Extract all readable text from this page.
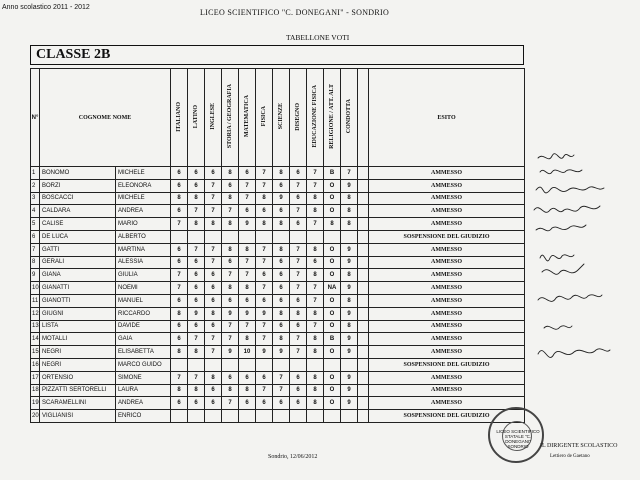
Anno scolastico 2011 - 2012
LICEO SCIENTIFICO "C. DONEGANI" - SONDRIO
TABELLONE VOTI
CLASSE 2B
N°	COGNOME NOME		ITALIANO	LATINO	INGLESE	STORIA / GEOGRAFIA	MATEMATICA	FISICA	SCIENZE	DISEGNO	EDUCAZIONE FISICA	RELIGIONE / ATT. ALT	CONDOTTA		ESITO
1	BONOMO	MICHELE	6	6	6	8	6	7	8	6	7	B	7		AMMESSO
2	BORZI	ELEONORA	6	6	7	6	7	7	6	7	7	O	9		AMMESSO
3	BOSCACCI	MICHELE	8	8	7	8	7	8	9	6	8	O	8		AMMESSO
4	CALDARA	ANDREA	6	7	7	7	6	6	6	7	8	O	8		AMMESSO
5	CALISE	MARIO	7	8	8	8	9	8	8	6	7	8	8		AMMESSO
6	DE LUCA	ALBERTO													SOSPENSIONE DEL GIUDIZIO
7	GATTI	MARTINA	6	7	7	8	8	7	8	7	8	O	9		AMMESSO
8	GERALI	ALESSIA	6	6	7	6	7	7	6	7	6	O	9		AMMESSO
9	GIANA	GIULIA	7	6	6	7	7	6	6	7	8	O	8		AMMESSO
10	GIANATTI	NOEMI	7	6	6	8	8	7	6	7	7	NA	9		AMMESSO
11	GIANOTTI	MANUEL	6	6	6	6	6	6	6	6	7	O	8		AMMESSO
12	GIUGNI	RICCARDO	8	9	8	9	9	9	8	8	8	O	9		AMMESSO
13	LISTA	DAVIDE	6	6	6	7	7	7	6	6	7	O	8		AMMESSO
14	MOTALLI	GAIA	6	7	7	7	8	7	8	7	8	B	9		AMMESSO
15	NEGRI	ELISABETTA	8	8	7	9	10	9	9	7	8	O	9		AMMESSO
16	NEGRI	MARCO GUIDO													SOSPENSIONE DEL GIUDIZIO
17	ORTENSIO	SIMONE	7	7	8	6	6	6	7	6	8	O	9		AMMESSO
18	PIZZATTI SERTORELLI	LAURA	8	8	6	8	8	7	7	6	8	O	9		AMMESSO
19	SCARAMELLINI	ANDREA	6	6	6	7	6	6	6	6	8	O	9		AMMESSO
20	VIGLIANISI	ENRICO													SOSPENSIONE DEL GIUDIZIO
Sondrio, 12/06/2012
LICEO SCIENTIFICO STATALE "C. DONEGANI" SONDRIO	IL DIRIGENTE SCOLASTICO
Lettiero de Gaetano
